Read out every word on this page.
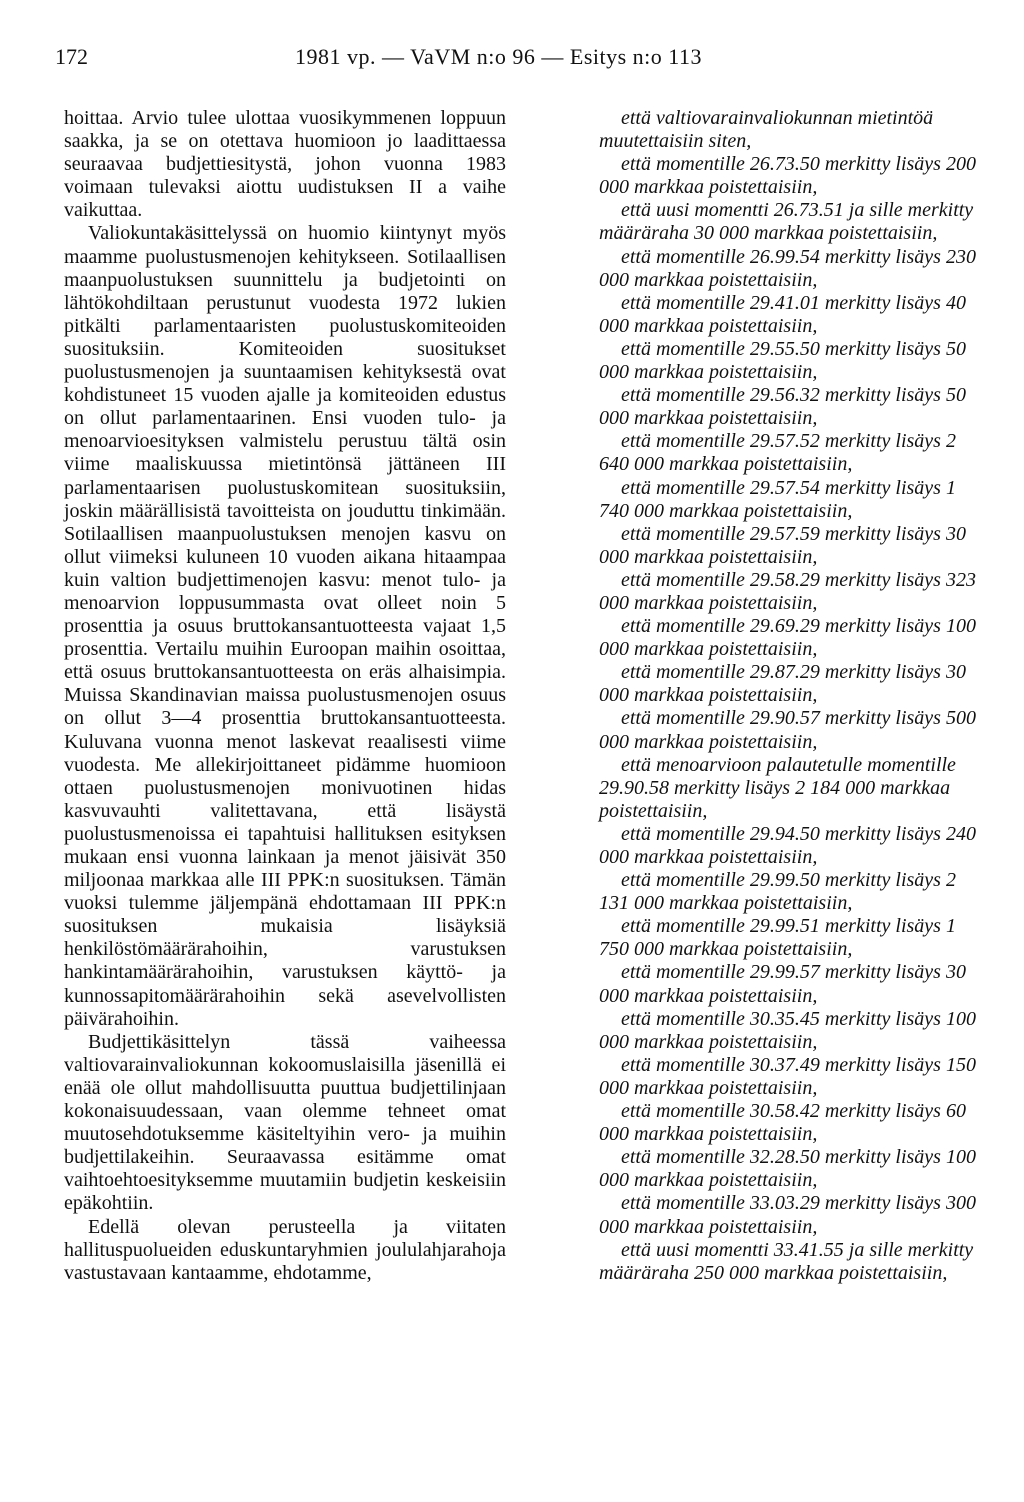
172	1981 vp. — VaVM n:o 96 — Esitys n:o 113

hoittaa. Arvio tulee ulottaa vuosikymmenen loppuun saakka, ja se on otettava huomioon jo laadittaessa seuraavaa budjettiesitystä, johon vuonna 1983 voimaan tulevaksi aiottu uudistuksen II a vaihe vaikuttaa.

Valiokuntakäsittelyssä on huomio kiintynyt myös maamme puolustusmenojen kehitykseen. Sotilaallisen maanpuolustuksen suunnittelu ja budjetointi on lähtökohdiltaan perustunut vuodesta 1972 lukien pitkälti parlamentaaristen puolustuskomiteoiden suosituksiin. Komiteoiden suositukset puolustusmenojen ja suuntaamisen kehityksestä ovat kohdistuneet 15 vuoden ajalle ja komiteoiden edustus on ollut parlamentaarinen. Ensi vuoden tulo- ja menoarvioesityksen valmistelu perustuu tältä osin viime maaliskuussa mietintönsä jättäneen III parlamentaarisen puolustuskomitean suosituksiin, joskin määrällisistä tavoitteista on jouduttu tinkimään. Sotilaallisen maanpuolustuksen menojen kasvu on ollut viimeksi kuluneen 10 vuoden aikana hitaampaa kuin valtion budjettimenojen kasvu: menot tulo- ja menoarvion loppusummasta ovat olleet noin 5 prosenttia ja osuus bruttokansantuotteesta vajaat 1,5 prosenttia. Vertailu muihin Euroopan maihin osoittaa, että osuus bruttokansantuotteesta on eräs alhaisimpia. Muissa Skandinavian maissa puolustusmenojen osuus on ollut 3—4 prosenttia bruttokansantuotteesta. Kuluvana vuonna menot laskevat reaalisesti viime vuodesta. Me allekirjoittaneet pidämme huomioon ottaen puolustusmenojen monivuotinen hidas kasvuvauhti valitettavana, että lisäystä puolustusmenoissa ei tapahtuisi hallituksen esityksen mukaan ensi vuonna lainkaan ja menot jäisivät 350 miljoonaa markkaa alle III PPK:n suosituksen. Tämän vuoksi tulemme jäljempänä ehdottamaan III PPK:n suosituksen mukaisia lisäyksiä henkilöstömäärärahoihin, varustuksen hankintamäärärahoihin, varustuksen käyttö- ja kunnossapitomäärärahoihin sekä asevelvollisten päivärahoihin.

Budjettikäsittelyn tässä vaiheessa valtiovarainvaliokunnan kokoomuslaisilla jäsenillä ei enää ole ollut mahdollisuutta puuttua budjettilinjaan kokonaisuudessaan, vaan olemme tehneet omat muutosehdotuksemme käsiteltyihin vero- ja muihin budjettilakeihin. Seuraavassa esitämme omat vaihtoehtoesityksemme muutamiin budjetin keskeisiin epäkohtiin.

Edellä olevan perusteella ja viitaten hallituspuolueiden eduskuntaryhmien joululahjarahoja vastustavaan kantaamme, ehdotamme,

että valtiovarainvaliokunnan mietintöä muutettaisiin siten,

että momentille 26.73.50 merkitty lisäys 200 000 markkaa poistettaisiin,

että uusi momentti 26.73.51 ja sille merkitty määräraha 30 000 markkaa poistettaisiin,

että momentille 26.99.54 merkitty lisäys 230 000 markkaa poistettaisiin,

että momentille 29.41.01 merkitty lisäys 40 000 markkaa poistettaisiin,

että momentille 29.55.50 merkitty lisäys 50 000 markkaa poistettaisiin,

että momentille 29.56.32 merkitty lisäys 50 000 markkaa poistettaisiin,

että momentille 29.57.52 merkitty lisäys 2 640 000 markkaa poistettaisiin,

että momentille 29.57.54 merkitty lisäys 1 740 000 markkaa poistettaisiin,

että momentille 29.57.59 merkitty lisäys 30 000 markkaa poistettaisiin,

että momentille 29.58.29 merkitty lisäys 323 000 markkaa poistettaisiin,

että momentille 29.69.29 merkitty lisäys 100 000 markkaa poistettaisiin,

että momentille 29.87.29 merkitty lisäys 30 000 markkaa poistettaisiin,

että momentille 29.90.57 merkitty lisäys 500 000 markkaa poistettaisiin,

että menoarvioon palautetulle momentille 29.90.58 merkitty lisäys 2 184 000 markkaa poistettaisiin,

että momentille 29.94.50 merkitty lisäys 240 000 markkaa poistettaisiin,

että momentille 29.99.50 merkitty lisäys 2 131 000 markkaa poistettaisiin,

että momentille 29.99.51 merkitty lisäys 1 750 000 markkaa poistettaisiin,

että momentille 29.99.57 merkitty lisäys 30 000 markkaa poistettaisiin,

että momentille 30.35.45 merkitty lisäys 100 000 markkaa poistettaisiin,

että momentille 30.37.49 merkitty lisäys 150 000 markkaa poistettaisiin,

että momentille 30.58.42 merkitty lisäys 60 000 markkaa poistettaisiin,

että momentille 32.28.50 merkitty lisäys 100 000 markkaa poistettaisiin,

että momentille 33.03.29 merkitty lisäys 300 000 markkaa poistettaisiin,

että uusi momentti 33.41.55 ja sille merkitty määräraha 250 000 markkaa poistettaisiin,
